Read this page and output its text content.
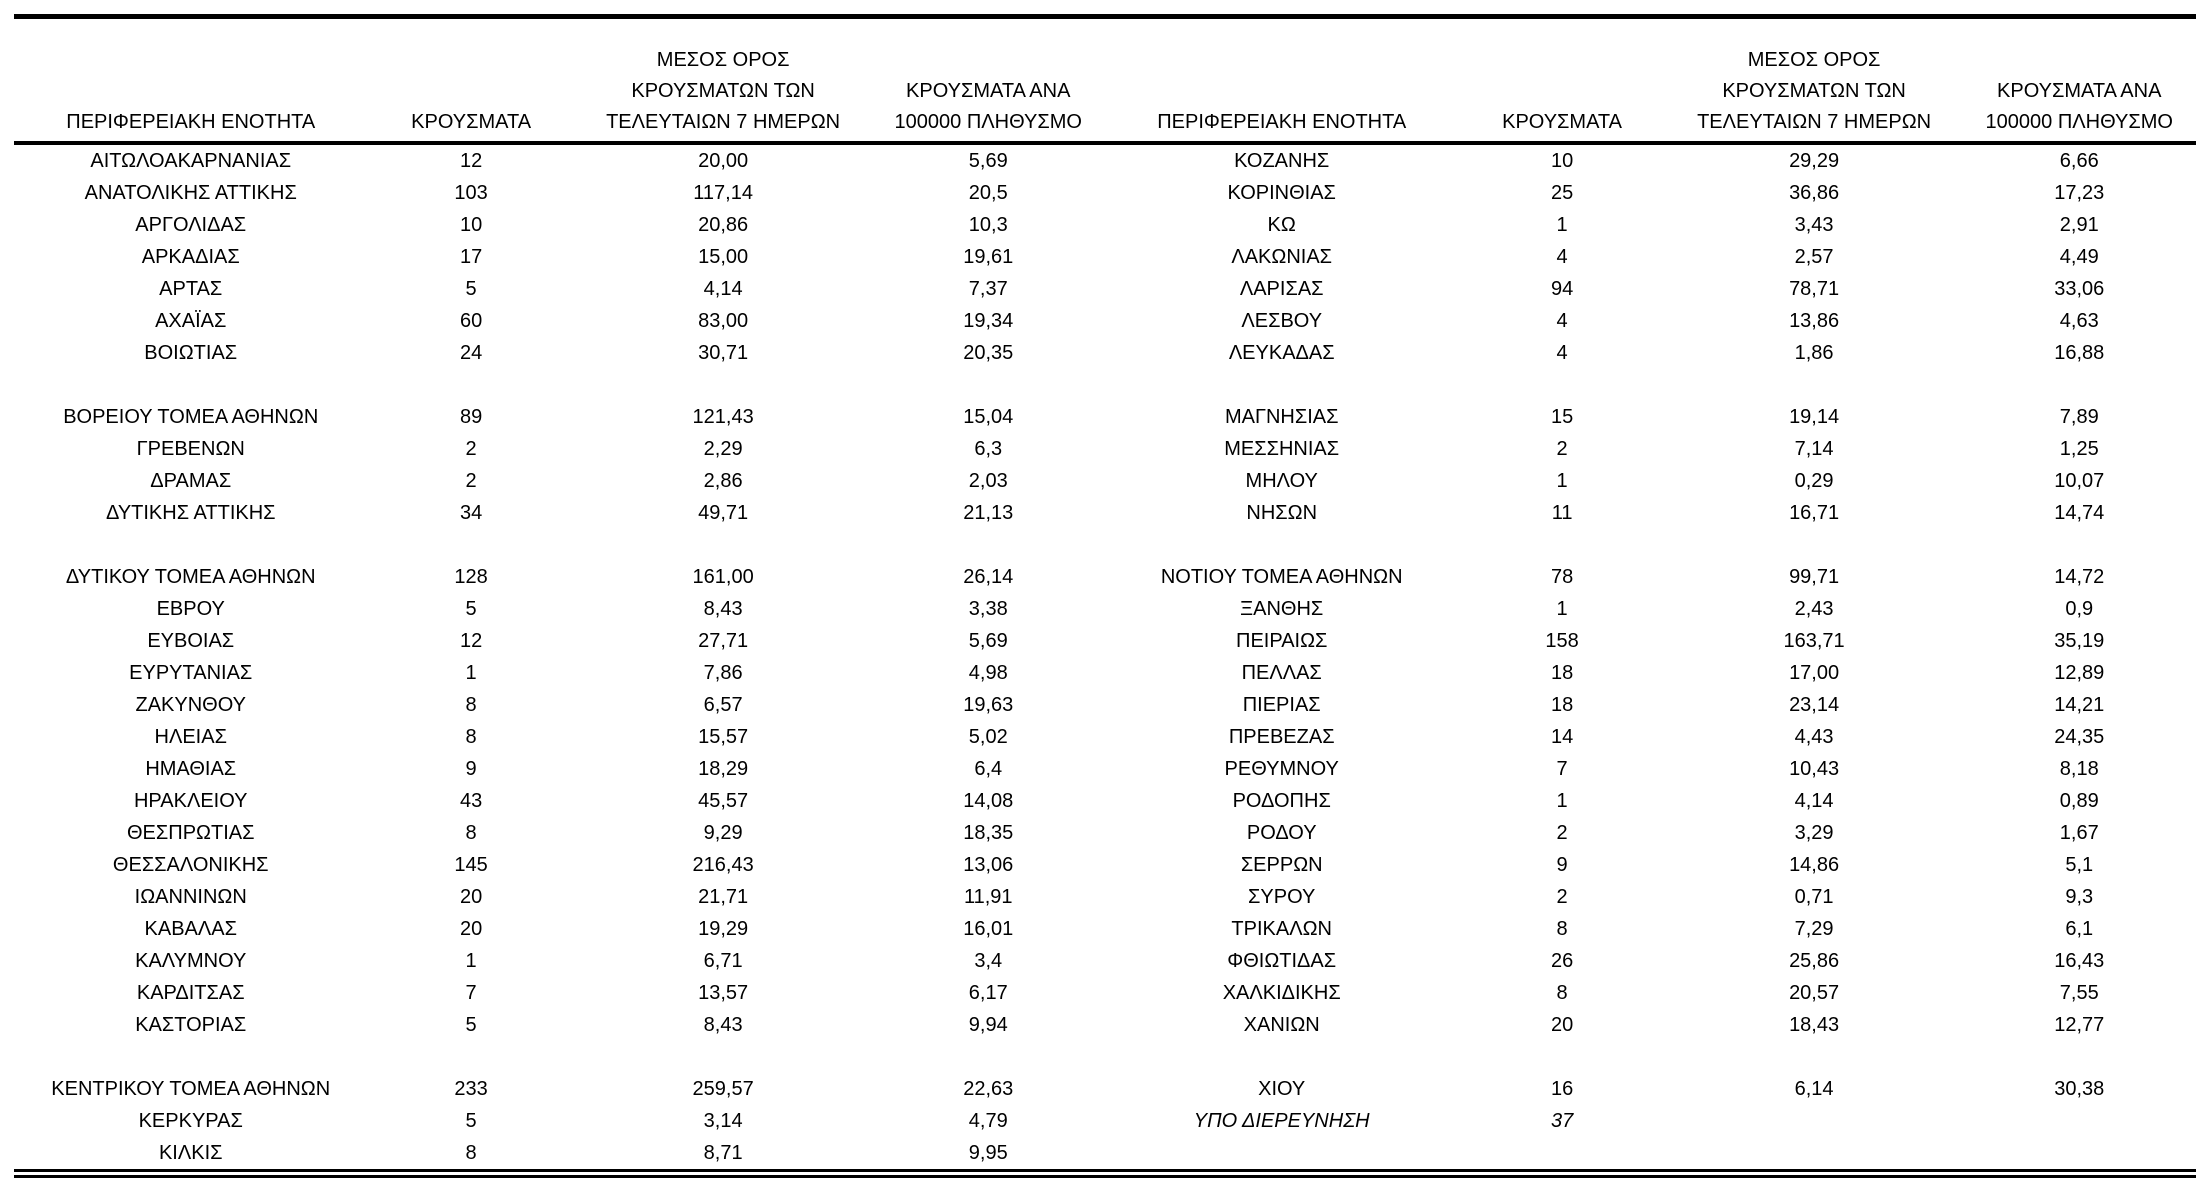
ΠΕΡΙΦΕΡΕΙΑΚΗ ΕΝΟΤΗΤΑ	ΚΡΟΥΣΜΑΤΑ

ΜΕΣΟΣ ΟΡΟΣ
ΚΡΟΥΣΜΑΤΩΝ ΤΩΝ
ΤΕΛΕΥΤΑΙΩΝ 7 ΗΜΕΡΩΝ

ΚΡΟΥΣΜΑΤΑ ΑΝΑ
100000 ΠΛΗΘΥΣΜΟ	ΠΕΡΙΦΕΡΕΙΑΚΗ ΕΝΟΤΗΤΑ	ΚΡΟΥΣΜΑΤΑ

ΜΕΣΟΣ ΟΡΟΣ
ΚΡΟΥΣΜΑΤΩΝ ΤΩΝ
ΤΕΛΕΥΤΑΙΩΝ 7 ΗΜΕΡΩΝ

ΚΡΟΥΣΜΑΤΑ ΑΝΑ
100000 ΠΛΗΘΥΣΜΟ

ΑΙΤΩΛΟΑΚΑΡΝΑΝΙΑΣ	12	20,00	5,69	ΚΟΖΑΝΗΣ	10	29,29	6,66
ΑΝΑΤΟΛΙΚΗΣ ΑΤΤΙΚΗΣ	103	117,14	20,5	ΚΟΡΙΝΘΙΑΣ	25	36,86	17,23
ΑΡΓΟΛΙΔΑΣ	10	20,86	10,3	ΚΩ	1	3,43	2,91
ΑΡΚΑΔΙΑΣ	17	15,00	19,61	ΛΑΚΩΝΙΑΣ	4	2,57	4,49
ΑΡΤΑΣ	5	4,14	7,37	ΛΑΡΙΣΑΣ	94	78,71	33,06
ΑΧΑΪΑΣ	60	83,00	19,34	ΛΕΣΒΟΥ	4	13,86	4,63
ΒΟΙΩΤΙΑΣ	24	30,71	20,35	ΛΕΥΚΑΔΑΣ	4	1,86	16,88

ΒΟΡΕΙΟΥ ΤΟΜΕΑ ΑΘΗΝΩΝ	89	121,43	15,04	ΜΑΓΝΗΣΙΑΣ	15	19,14	7,89
ΓΡΕΒΕΝΩΝ	2	2,29	6,3	ΜΕΣΣΗΝΙΑΣ	2	7,14	1,25
ΔΡΑΜΑΣ	2	2,86	2,03	ΜΗΛΟΥ	1	0,29	10,07
ΔΥΤΙΚΗΣ ΑΤΤΙΚΗΣ	34	49,71	21,13	ΝΗΣΩΝ	11	16,71	14,74

ΔΥΤΙΚΟΥ ΤΟΜΕΑ ΑΘΗΝΩΝ	128	161,00	26,14	ΝΟΤΙΟΥ ΤΟΜΕΑ ΑΘΗΝΩΝ	78	99,71	14,72
ΕΒΡΟΥ	5	8,43	3,38	ΞΑΝΘΗΣ	1	2,43	0,9
ΕΥΒΟΙΑΣ	12	27,71	5,69	ΠΕΙΡΑΙΩΣ	158	163,71	35,19
ΕΥΡΥΤΑΝΙΑΣ	1	7,86	4,98	ΠΕΛΛΑΣ	18	17,00	12,89
ΖΑΚΥΝΘΟΥ	8	6,57	19,63	ΠΙΕΡΙΑΣ	18	23,14	14,21
ΗΛΕΙΑΣ	8	15,57	5,02	ΠΡΕΒΕΖΑΣ	14	4,43	24,35
ΗΜΑΘΙΑΣ	9	18,29	6,4	ΡΕΘΥΜΝΟΥ	7	10,43	8,18
ΗΡΑΚΛΕΙΟΥ	43	45,57	14,08	ΡΟΔΟΠΗΣ	1	4,14	0,89
ΘΕΣΠΡΩΤΙΑΣ	8	9,29	18,35	ΡΟΔΟΥ	2	3,29	1,67
ΘΕΣΣΑΛΟΝΙΚΗΣ	145	216,43	13,06	ΣΕΡΡΩΝ	9	14,86	5,1
ΙΩΑΝΝΙΝΩΝ	20	21,71	11,91	ΣΥΡΟΥ	2	0,71	9,3
ΚΑΒΑΛΑΣ	20	19,29	16,01	ΤΡΙΚΑΛΩΝ	8	7,29	6,1
ΚΑΛΥΜΝΟΥ	1	6,71	3,4	ΦΘΙΩΤΙΔΑΣ	26	25,86	16,43
ΚΑΡΔΙΤΣΑΣ	7	13,57	6,17	ΧΑΛΚΙΔΙΚΗΣ	8	20,57	7,55
ΚΑΣΤΟΡΙΑΣ	5	8,43	9,94	ΧΑΝΙΩΝ	20	18,43	12,77

ΚΕΝΤΡΙΚΟΥ ΤΟΜΕΑ ΑΘΗΝΩΝ	233	259,57	22,63	ΧΙΟΥ	16	6,14	30,38
ΚΕΡΚΥΡΑΣ	5	3,14	4,79	ΥΠΟ ΔΙΕΡΕΥΝΗΣΗ	37		
ΚΙΛΚΙΣ	8	8,71	9,95				
